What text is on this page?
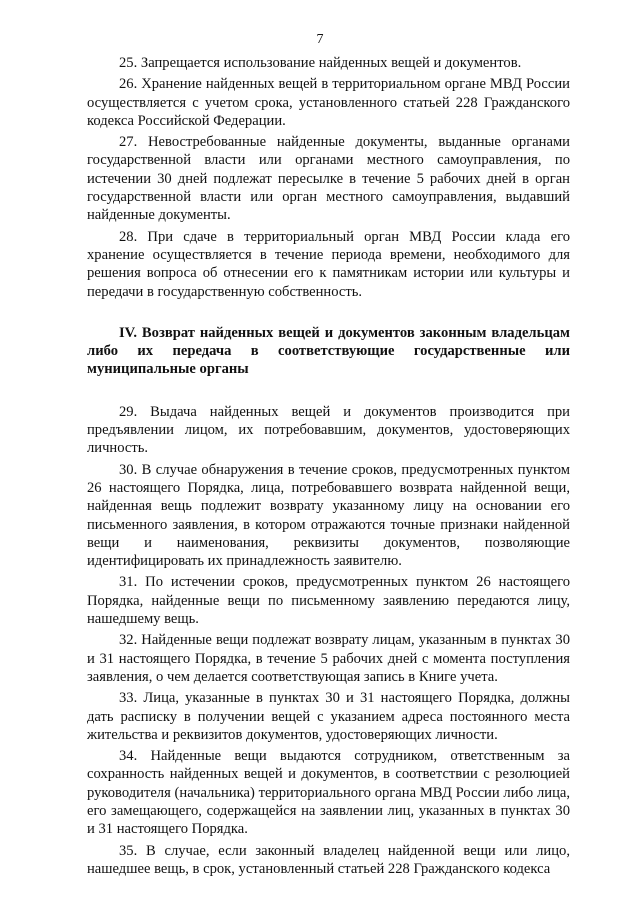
7

25. Запрещается использование найденных вещей и документов.

26. Хранение найденных вещей в территориальном органе МВД России осуществляется с учетом срока, установленного статьей 228 Гражданского кодекса Российской Федерации.

27. Невостребованные найденные документы, выданные органами государственной власти или органами местного самоуправления, по истечении 30 дней подлежат пересылке в течение 5 рабочих дней в орган государственной власти или орган местного самоуправления, выдавший найденные документы.

28. При сдаче в территориальный орган МВД России клада его хранение осуществляется в течение периода времени, необходимого для решения вопроса об отнесении его к памятникам истории или культуры и передачи в государственную собственность.

IV. Возврат найденных вещей и документов законным владельцам либо их передача в соответствующие государственные или муниципальные органы

29. Выдача найденных вещей и документов производится при предъявлении лицом, их потребовавшим, документов, удостоверяющих личность.

30. В случае обнаружения в течение сроков, предусмотренных пунктом 26 настоящего Порядка, лица, потребовавшего возврата найденной вещи, найденная вещь подлежит возврату указанному лицу на основании его письменного заявления, в котором отражаются точные признаки найденной вещи и наименования, реквизиты документов, позволяющие идентифицировать их принадлежность заявителю.

31. По истечении сроков, предусмотренных пунктом 26 настоящего Порядка, найденные вещи по письменному заявлению передаются лицу, нашедшему вещь.

32. Найденные вещи подлежат возврату лицам, указанным в пунктах 30 и 31 настоящего Порядка, в течение 5 рабочих дней с момента поступления заявления, о чем делается соответствующая запись в Книге учета.

33. Лица, указанные в пунктах 30 и 31 настоящего Порядка, должны дать расписку в получении вещей с указанием адреса постоянного места жительства и реквизитов документов, удостоверяющих личности.

34. Найденные вещи выдаются сотрудником, ответственным за сохранность найденных вещей и документов, в соответствии с резолюцией руководителя (начальника) территориального органа МВД России либо лица, его замещающего, содержащейся на заявлении лиц, указанных в пунктах 30 и 31 настоящего Порядка.

35. В случае, если законный владелец найденной вещи или лицо, нашедшее вещь, в срок, установленный статьей 228 Гражданского кодекса
